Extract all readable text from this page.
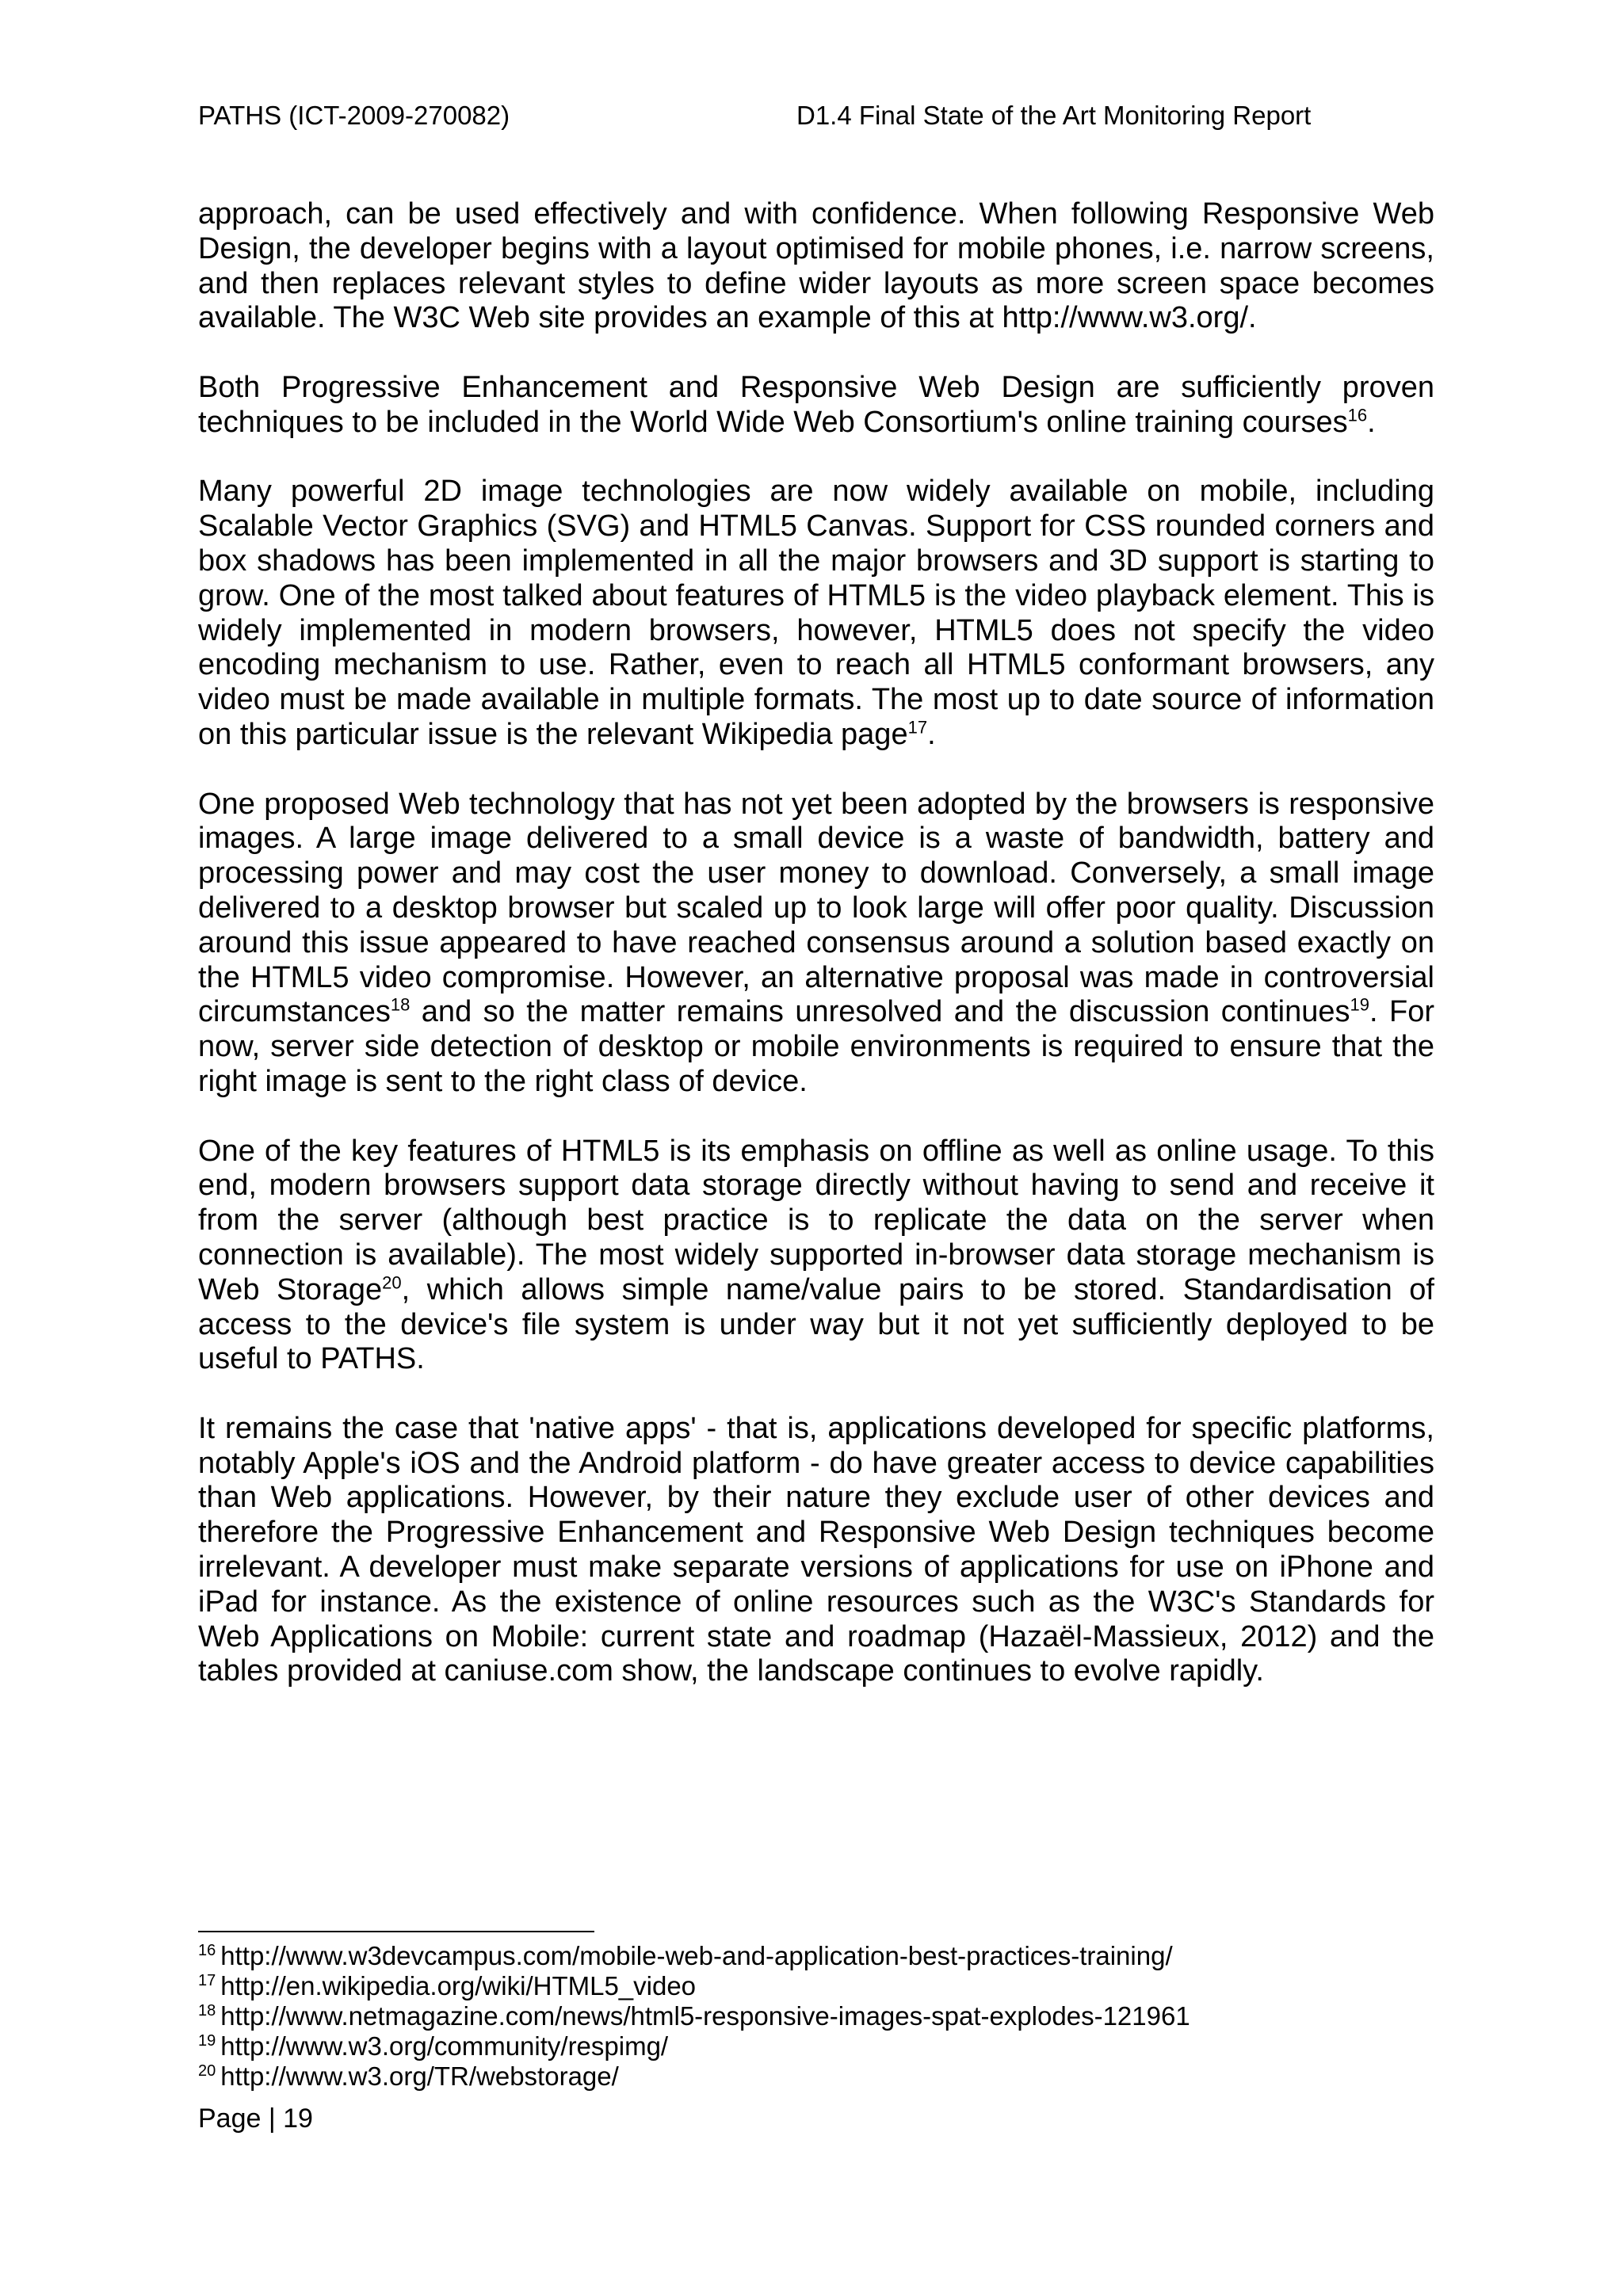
PATHS (ICT-2009-270082)	D1.4 Final State of the Art Monitoring Report

approach, can be used effectively and with confidence. When following Responsive Web Design, the developer begins with a layout optimised for mobile phones, i.e. narrow screens, and then replaces relevant styles to define wider layouts as more screen space becomes available. The W3C Web site provides an example of this at http://www.w3.org/.

Both Progressive Enhancement and Responsive Web Design are sufficiently proven techniques to be included in the World Wide Web Consortium's online training courses$^{16}$.

Many powerful 2D image technologies are now widely available on mobile, including Scalable Vector Graphics (SVG) and HTML5 Canvas. Support for CSS rounded corners and box shadows has been implemented in all the major browsers and 3D support is starting to grow. One of the most talked about features of HTML5 is the video playback element. This is widely implemented in modern browsers, however, HTML5 does not specify the video encoding mechanism to use. Rather, even to reach all HTML5 conformant browsers, any video must be made available in multiple formats. The most up to date source of information on this particular issue is the relevant Wikipedia page$^{17}$.

One proposed Web technology that has not yet been adopted by the browsers is responsive images. A large image delivered to a small device is a waste of bandwidth, battery and processing power and may cost the user money to download. Conversely, a small image delivered to a desktop browser but scaled up to look large will offer poor quality. Discussion around this issue appeared to have reached consensus around a solution based exactly on the HTML5 video compromise. However, an alternative proposal was made in controversial circumstances$^{18}$ and so the matter remains unresolved and the discussion continues$^{19}$. For now, server side detection of desktop or mobile environments is required to ensure that the right image is sent to the right class of device.

One of the key features of HTML5 is its emphasis on offline as well as online usage. To this end, modern browsers support data storage directly without having to send and receive it from the server (although best practice is to replicate the data on the server when connection is available). The most widely supported in-browser data storage mechanism is Web Storage$^{20}$, which allows simple name/value pairs to be stored. Standardisation of access to the device's file system is under way but it not yet sufficiently deployed to be useful to PATHS.

It remains the case that 'native apps' - that is, applications developed for specific platforms, notably Apple's iOS and the Android platform - do have greater access to device capabilities than Web applications. However, by their nature they exclude user of other devices and therefore the Progressive Enhancement and Responsive Web Design techniques become irrelevant. A developer must make separate versions of applications for use on iPhone and iPad for instance. As the existence of online resources such as the W3C's Standards for Web Applications on Mobile: current state and roadmap (Hazaël-Massieux, 2012) and the tables provided at caniuse.com show, the landscape continues to evolve rapidly.

$^{16}$ http://www.w3devcampus.com/mobile-web-and-application-best-practices-training/
$^{17}$ http://en.wikipedia.org/wiki/HTML5_video
$^{18}$ http://www.netmagazine.com/news/html5-responsive-images-spat-explodes-121961
$^{19}$ http://www.w3.org/community/respimg/
$^{20}$ http://www.w3.org/TR/webstorage/
Page | 19
